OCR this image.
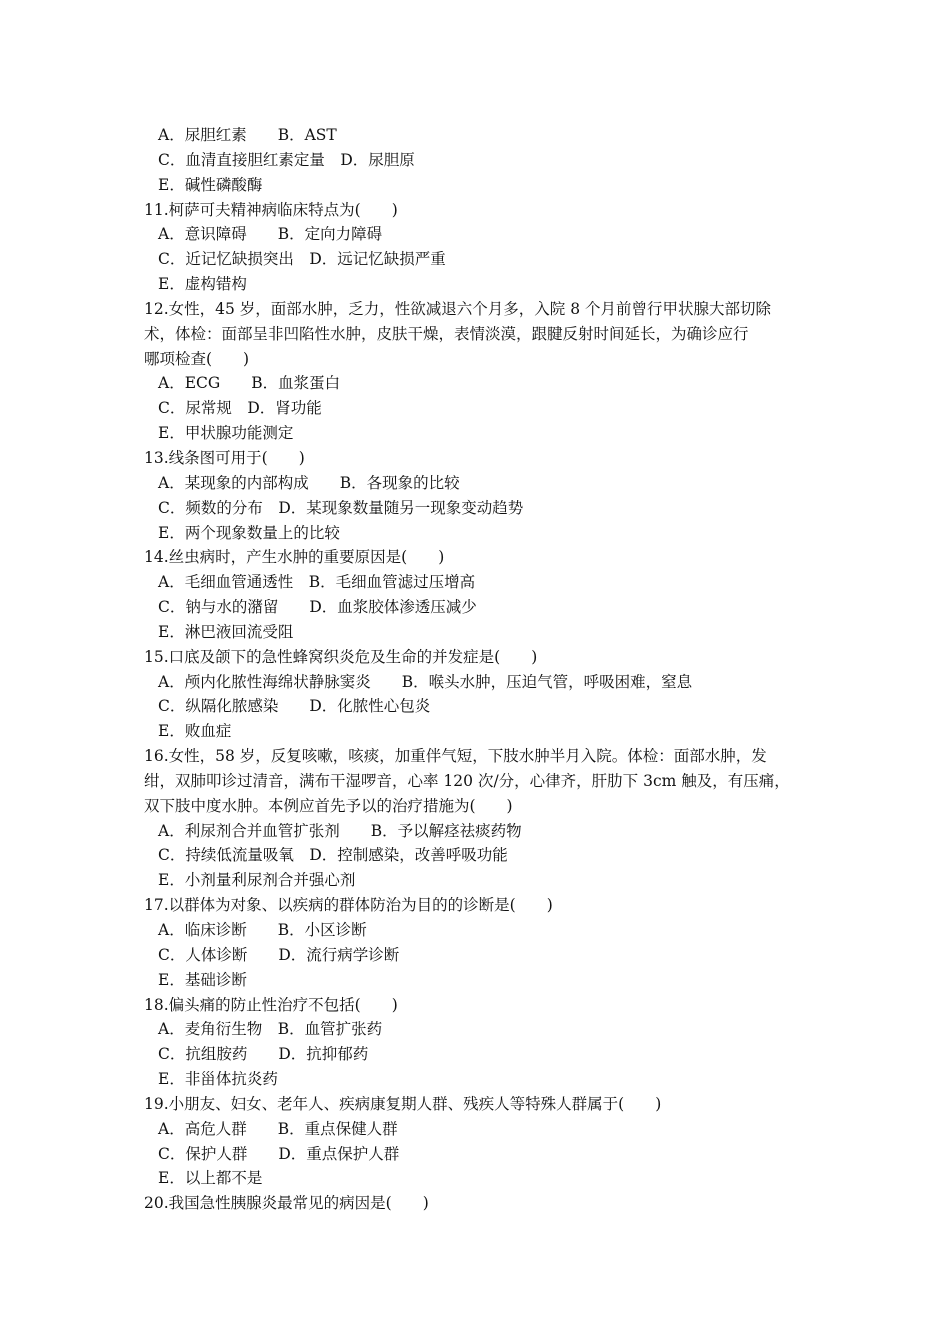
A．尿胆红素　　B．AST
C．血清直接胆红素定量　D．尿胆原
E．碱性磷酸酶
11.柯萨可夫精神病临床特点为(　　)
A．意识障碍　　B．定向力障碍
C．近记忆缺损突出　D．远记忆缺损严重
E．虚构错构
12.女性，45 岁，面部水肿，乏力，性欲减退六个月多，入院 8 个月前曾行甲状腺大部切除
术，体检：面部呈非凹陷性水肿，皮肤干燥，表情淡漠，跟腱反射时间延长，为确诊应行
哪项检查(　　)
A．ECG　　B．血浆蛋白
C．尿常规　D．肾功能
E．甲状腺功能测定
13.线条图可用于(　　)
A．某现象的内部构成　　B．各现象的比较
C．频数的分布　D．某现象数量随另一现象变动趋势
E．两个现象数量上的比较
14.丝虫病时，产生水肿的重要原因是(　　)
A．毛细血管通透性　B．毛细血管滤过压增高
C．钠与水的潴留　　D．血浆胶体渗透压减少
E．淋巴液回流受阻
15.口底及颌下的急性蜂窝织炎危及生命的并发症是(　　)
A．颅内化脓性海绵状静脉窦炎　　B．喉头水肿，压迫气管，呼吸困难，窒息
C．纵隔化脓感染　　D．化脓性心包炎
E．败血症
16.女性，58 岁，反复咳嗽，咳痰，加重伴气短，下肢水肿半月入院。体检：面部水肿，发
绀，双肺叩诊过清音，满布干湿啰音，心率 120 次/分，心律齐，肝肋下 3cm 触及，有压痛，
双下肢中度水肿。本例应首先予以的治疗措施为(　　)
A．利尿剂合并血管扩张剂　　B．予以解痉祛痰药物
C．持续低流量吸氧　D．控制感染，改善呼吸功能
E．小剂量利尿剂合并强心剂
17.以群体为对象、以疾病的群体防治为目的的诊断是(　　)
A．临床诊断　　B．小区诊断
C．人体诊断　　D．流行病学诊断
E．基础诊断
18.偏头痛的防止性治疗不包括(　　)
A．麦角衍生物　B．血管扩张药
C．抗组胺药　　D．抗抑郁药
E．非甾体抗炎药
19.小朋友、妇女、老年人、疾病康复期人群、残疾人等特殊人群属于(　　)
A．高危人群　　B．重点保健人群
C．保护人群　　D．重点保护人群
E．以上都不是
20.我国急性胰腺炎最常见的病因是(　　)
